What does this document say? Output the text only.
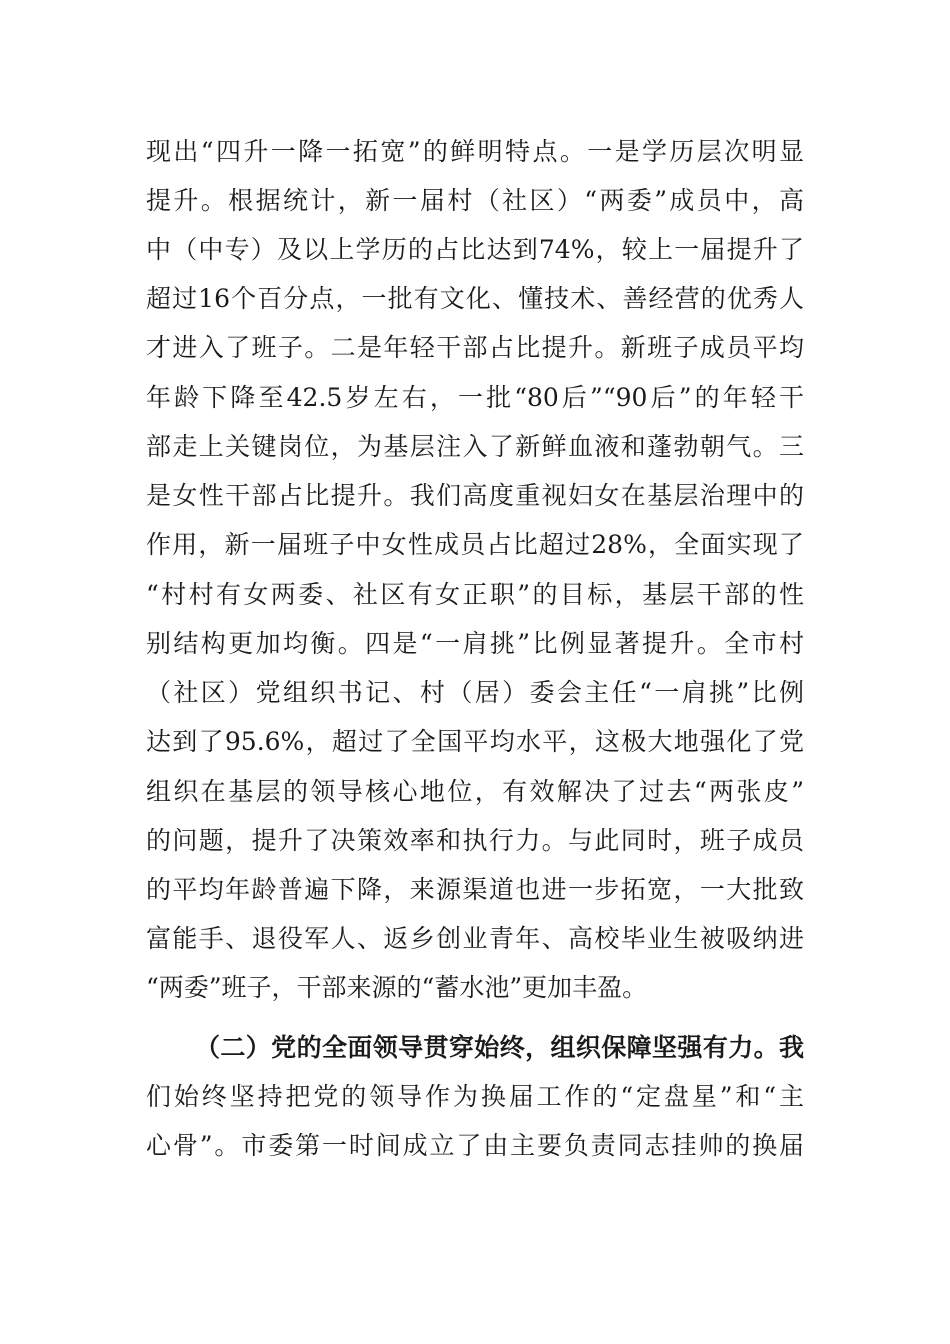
现出“四升一降一拓宽”的鲜明特点。一是学历层次明显
提升。根据统计，新一届村（社区）“两委”成员中，高
中（中专）及以上学历的占比达到74%，较上一届提升了
超过16个百分点，一批有文化、懂技术、善经营的优秀人
才进入了班子。二是年轻干部占比提升。新班子成员平均
年龄下降至42.5岁左右，一批“80后”“90后”的年轻干
部走上关键岗位，为基层注入了新鲜血液和蓬勃朝气。三
是女性干部占比提升。我们高度重视妇女在基层治理中的
作用，新一届班子中女性成员占比超过28%，全面实现了
“村村有女两委、社区有女正职”的目标，基层干部的性
别结构更加均衡。四是“一肩挑”比例显著提升。全市村
（社区）党组织书记、村（居）委会主任“一肩挑”比例
达到了95.6%，超过了全国平均水平，这极大地强化了党
组织在基层的领导核心地位，有效解决了过去“两张皮”
的问题，提升了决策效率和执行力。与此同时，班子成员
的平均年龄普遍下降，来源渠道也进一步拓宽，一大批致
富能手、退役军人、返乡创业青年、高校毕业生被吸纳进
“两委”班子，干部来源的“蓄水池”更加丰盈。
（二）党的全面领导贯穿始终，组织保障坚强有力。我
们始终坚持把党的领导作为换届工作的“定盘星”和“主
心骨”。市委第一时间成立了由主要负责同志挂帅的换届
